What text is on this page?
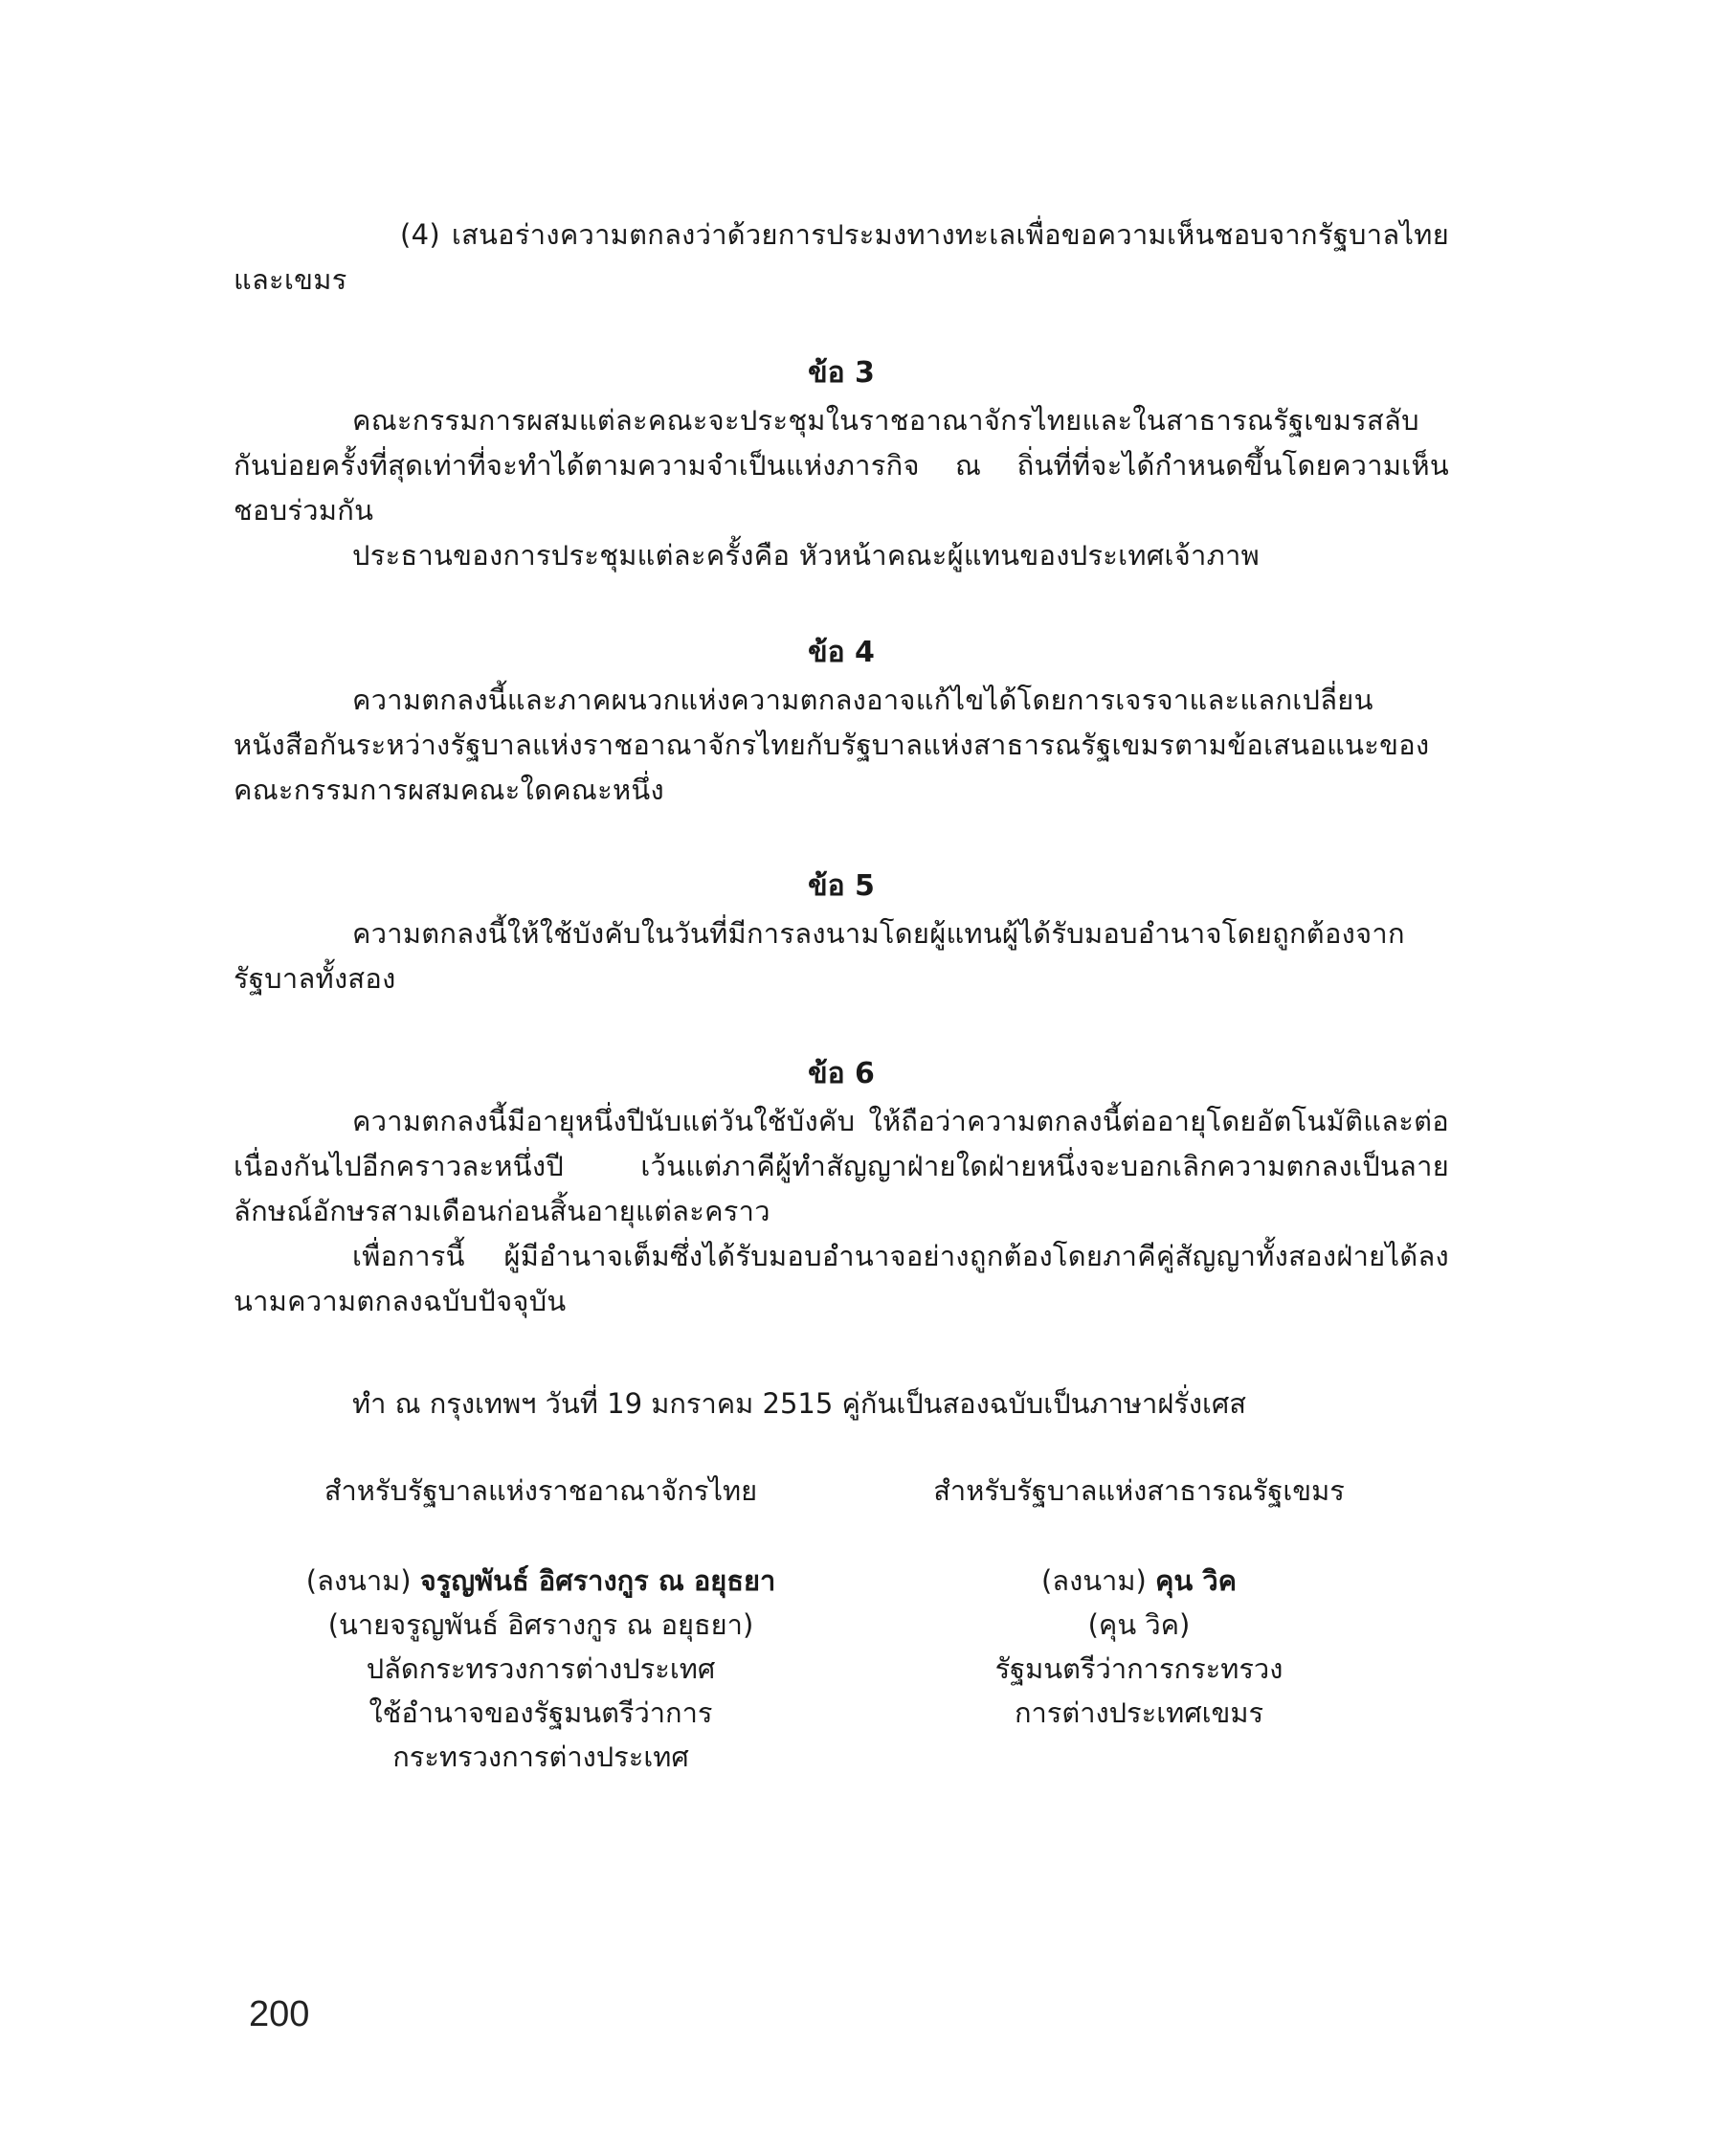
(4) เสนอร่างความตกลงว่าด้วยการประมงทางทะเลเพื่อขอความเห็นชอบจากรัฐบาลไทยและเขมร

ข้อ 3

คณะกรรมการผสมแต่ละคณะจะประชุมในราชอาณาจักรไทยและในสาธารณรัฐเขมรสลับกันบ่อยครั้งที่สุดเท่าที่จะทำได้ตามความจำเป็นแห่งภารกิจ ณ ถิ่นที่ที่จะได้กำหนดขึ้นโดยความเห็นชอบร่วมกัน

ประธานของการประชุมแต่ละครั้งคือ หัวหน้าคณะผู้แทนของประเทศเจ้าภาพ

ข้อ 4

ความตกลงนี้และภาคผนวกแห่งความตกลงอาจแก้ไขได้โดยการเจรจาและแลกเปลี่ยนหนังสือกันระหว่างรัฐบาลแห่งราชอาณาจักรไทยกับรัฐบาลแห่งสาธารณรัฐเขมรตามข้อเสนอแนะของคณะกรรมการผสมคณะใดคณะหนึ่ง

ข้อ 5

ความตกลงนี้ให้ใช้บังคับในวันที่มีการลงนามโดยผู้แทนผู้ได้รับมอบอำนาจโดยถูกต้องจากรัฐบาลทั้งสอง

ข้อ 6

ความตกลงนี้มีอายุหนึ่งปีนับแต่วันใช้บังคับ ให้ถือว่าความตกลงนี้ต่ออายุโดยอัตโนมัติและต่อเนื่องกันไปอีกคราวละหนึ่งปี เว้นแต่ภาคีผู้ทำสัญญาฝ่ายใดฝ่ายหนึ่งจะบอกเลิกความตกลงเป็นลายลักษณ์อักษรสามเดือนก่อนสิ้นอายุแต่ละคราว

เพื่อการนี้ ผู้มีอำนาจเต็มซึ่งได้รับมอบอำนาจอย่างถูกต้องโดยภาคีคู่สัญญาทั้งสองฝ่ายได้ลงนามความตกลงฉบับปัจจุบัน

ทำ ณ กรุงเทพฯ วันที่ 19 มกราคม 2515 คู่กันเป็นสองฉบับเป็นภาษาฝรั่งเศส
สำหรับรัฐบาลแห่งราชอาณาจักรไทย
(ลงนาม) จรูญพันธ์ อิศรางกูร ณ อยุธยา
(นายจรูญพันธ์ อิศรางกูร ณ อยุธยา)
ปลัดกระทรวงการต่างประเทศ
ใช้อำนาจของรัฐมนตรีว่าการ
กระทรวงการต่างประเทศ
สำหรับรัฐบาลแห่งสาธารณรัฐเขมร
(ลงนาม) คุน วิค
(คุน วิค)
รัฐมนตรีว่าการกระทรวง
การต่างประเทศเขมร
200
